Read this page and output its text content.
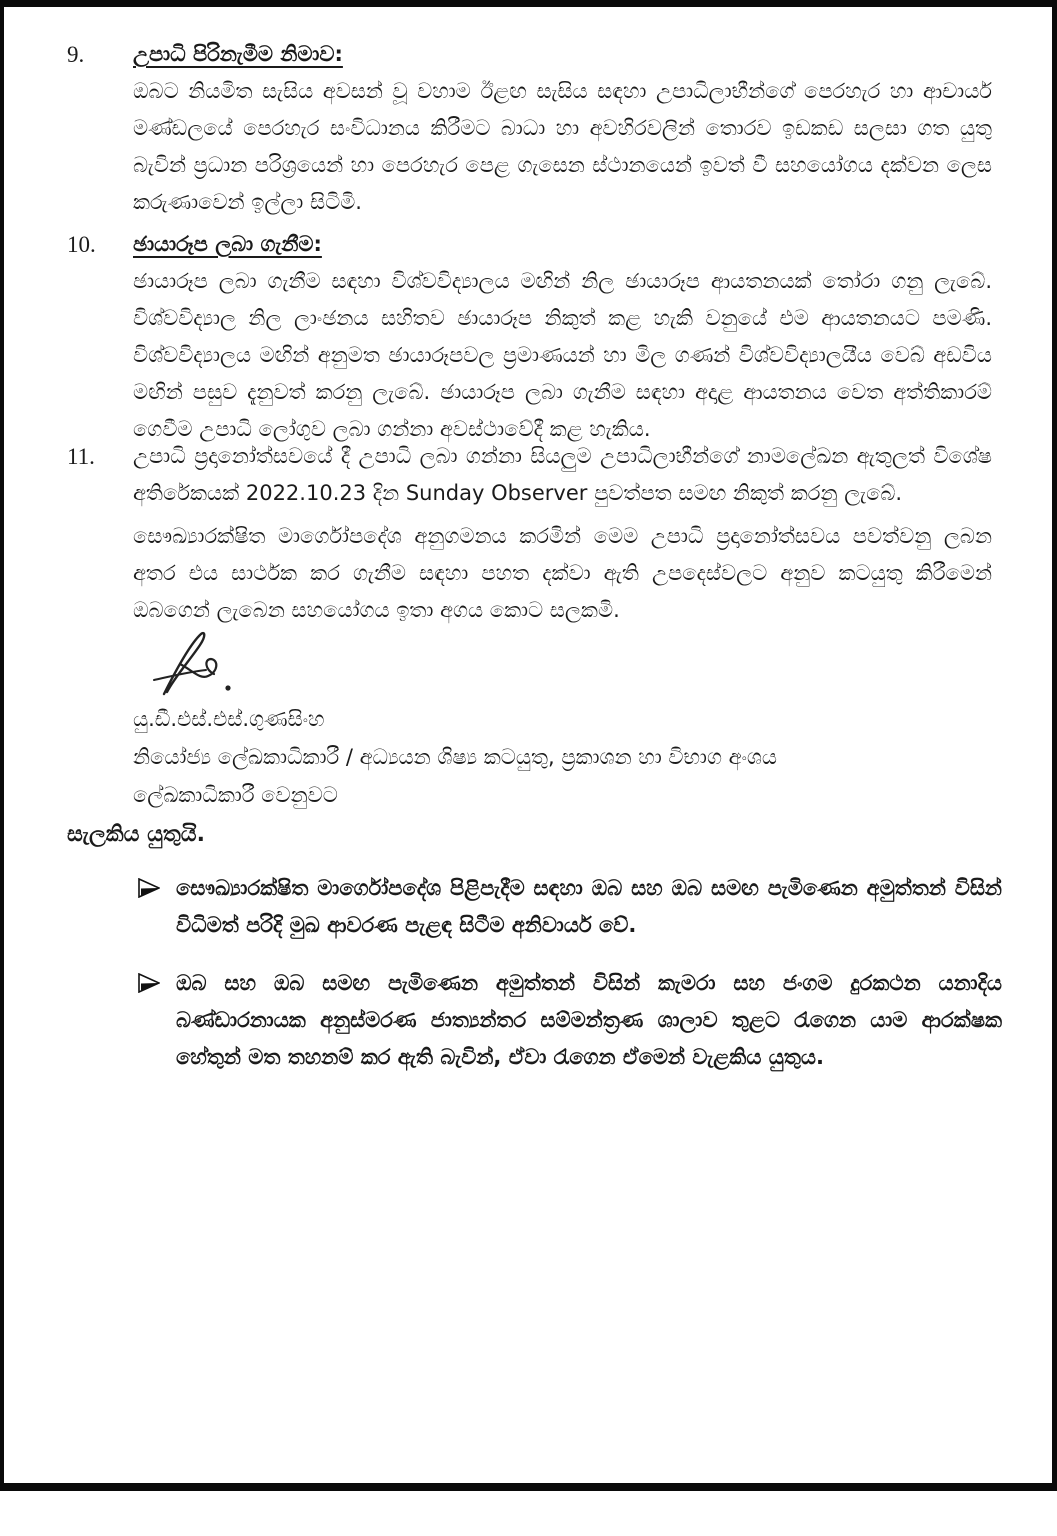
9.	උපාධි පිරිනැමීම නිමාව:

ඔබට නියමිත සැසිය අවසන් වූ වහාම ඊළඟ සැසිය සඳහා උපාධිලාභීන්ගේ පෙරහැර හා ආචාර්ය මණ්ඩලයේ පෙරහැර සංවිධානය කිරීමට බාධා හා අවහිරවලින් තොරව ඉඩකඩ සලසා ගත යුතු බැවින් ප්‍රධාන පරිශ්‍රයෙන් හා පෙරහැර පෙළ ගැසෙන ස්ථානයෙන් ඉවත් වී සහයෝගය දක්වන ලෙස කරුණාවෙන් ඉල්ලා සිටිමි.

10.	ඡායාරූප ලබා ගැනීම:

ඡායාරූප ලබා ගැනීම සඳහා විශ්වවිද්‍යාලය මඟින් නිල ඡායාරූප ආයතනයක් තෝරා ගනු ලැබේ. විශ්වවිද්‍යාල නිල ලාංඡනය සහිතව ඡායාරූප නිකුත් කළ හැකි වනුයේ එම ආයතනයට පමණි. විශ්වවිද්‍යාලය මඟින් අනුමත ඡායාරූපවල ප්‍රමාණයන් හා මිල ගණන් විශ්වවිද්‍යාලයීය වෙබ් අඩවිය මඟින් පසුව දැනුවත් කරනු ලැබේ. ඡායාරූප ලබා ගැනීම සඳහා අදාළ ආයතනය වෙත අත්තිකාරම් ගෙවීම උපාධි ලෝගුව ලබා ගන්නා අවස්ථාවේදී කළ හැකිය.

11.	උපාධි ප්‍රදානෝත්සවයේ දී උපාධි ලබා ගන්නා සියලුම උපාධිලාභීන්ගේ නාමලේඛන ඇතුලත් විශේෂ අතිරේකයක් 2022.10.23 දින Sunday Observer පුවත්පත සමඟ නිකුත් කරනු ලැබේ.

සෞඛ්‍යාරක්ෂිත මාර්ගෝපදේශ අනුගමනය කරමින් මෙම උපාධි ප්‍රදානෝත්සවය පවත්වනු ලබන අතර එය සාර්ථක කර ගැනීම සඳහා පහත දක්වා ඇති උපදෙස්වලට අනුව කටයුතු කිරීමෙන් ඔබගෙන් ලැබෙන සහයෝගය ඉතා අගය කොට සලකමි.

යු.ඩී.එස්.එස්.ගුණසිංහ
නියෝජ්‍ය ලේඛකාධිකාරී / අධ්‍යයන ශිෂ්‍ය කටයුතු, ප්‍රකාශන හා විභාග අංශය
ලේඛකාධිකාරී වෙනුවට

සැලකිය යුතුයි.

සෞඛ්‍යාරක්ෂිත මාර්ගෝපදේශ පිළිපැදීම සඳහා ඔබ සහ ඔබ සමඟ පැමිණෙන අමුත්තන් විසින් විධිමත් පරිදි මුඛ ආවරණ පැළඳ සිටීම අනිවාර්ය වේ.

ඔබ සහ ඔබ සමඟ පැමිණෙන අමුත්තන් විසින් කැමරා සහ ජංගම දුරකථන යනාදිය බණ්ඩාරනායක අනුස්මරණ ජාත්‍යන්තර සම්මන්ත්‍රණ ශාලාව තුළට රැගෙන යාම ආරක්ෂක හේතුන් මත තහනම් කර ඇති බැවින්, ඒවා රැගෙන ඒමෙන් වැළකිය යුතුය.
